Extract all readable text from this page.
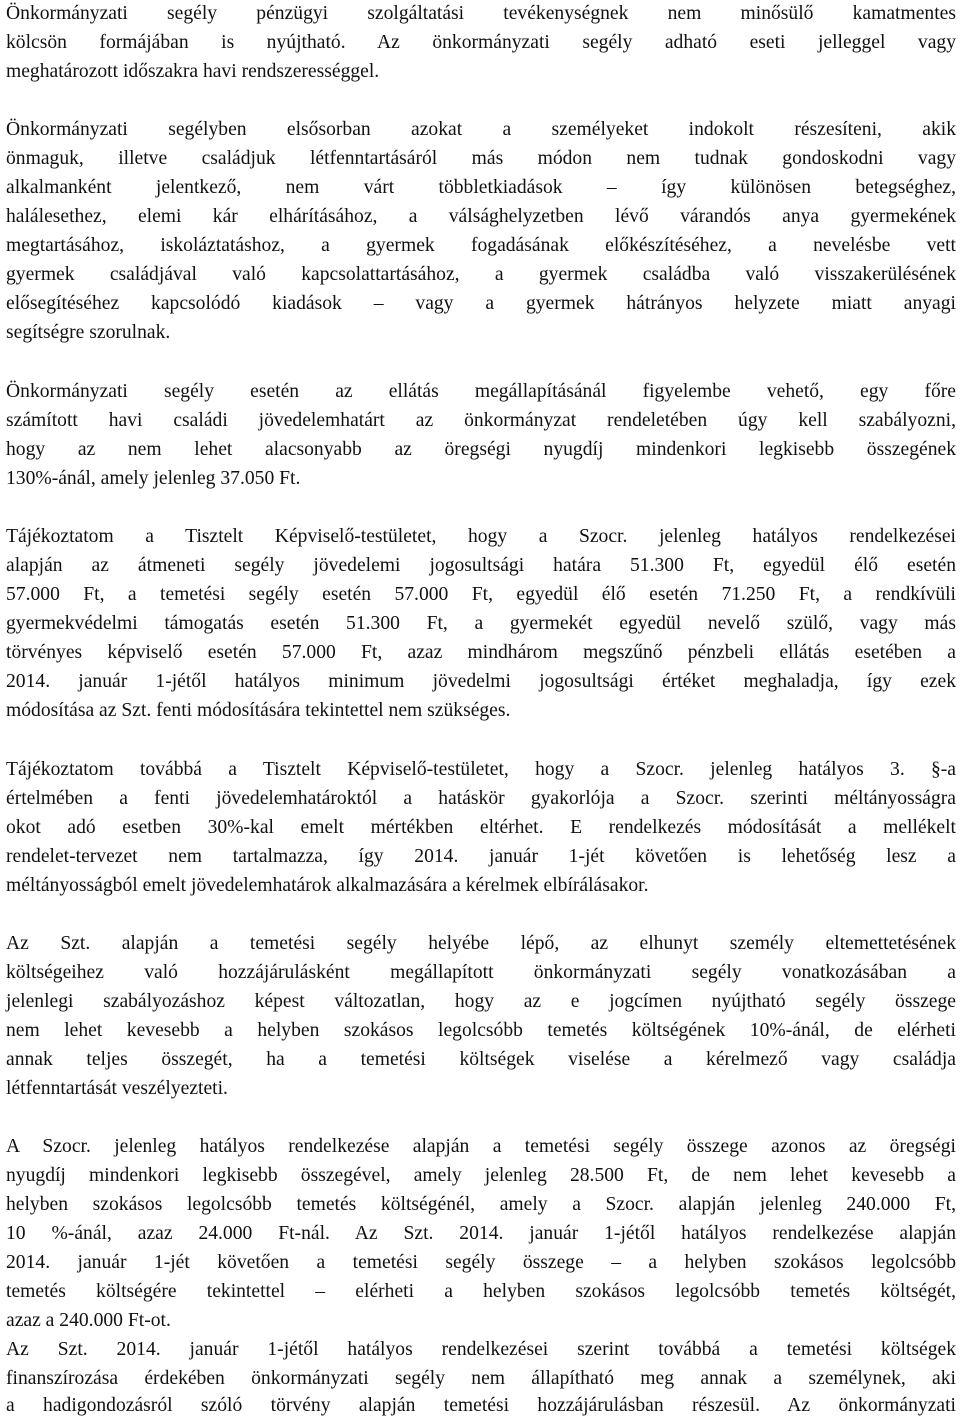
Önkormányzati segély pénzügyi szolgáltatási tevékenységnek nem minősülő kamatmentes
kölcsön formájában is nyújtható. Az önkormányzati segély adható eseti jelleggel vagy
meghatározott időszakra havi rendszerességgel.
Önkormányzati segélyben elsősorban azokat a személyeket indokolt részesíteni, akik
önmaguk, illetve családjuk létfenntartásáról más módon nem tudnak gondoskodni vagy
alkalmanként jelentkező, nem várt többletkiadások – így különösen betegséghez,
halálesethez, elemi kár elhárításához, a válsághelyzetben lévő várandós anya gyermekének
megtartásához, iskoláztatáshoz, a gyermek fogadásának előkészítéséhez, a nevelésbe vett
gyermek családjával való kapcsolattartásához, a gyermek családba való visszakerülésének
elősegítéséhez kapcsolódó kiadások – vagy a gyermek hátrányos helyzete miatt anyagi
segítségre szorulnak.
Önkormányzati segély esetén az ellátás megállapításánál figyelembe vehető, egy főre
számított havi családi jövedelemhatárt az önkormányzat rendeletében úgy kell szabályozni,
hogy az nem lehet alacsonyabb az öregségi nyugdíj mindenkori legkisebb összegének
130%-ánál, amely jelenleg 37.050 Ft.
Tájékoztatom a Tisztelt Képviselő-testületet, hogy a Szocr. jelenleg hatályos rendelkezései
alapján az átmeneti segély jövedelemi jogosultsági határa 51.300 Ft, egyedül élő esetén
57.000 Ft, a temetési segély esetén 57.000 Ft, egyedül élő esetén 71.250 Ft, a rendkívüli
gyermekvédelmi támogatás esetén 51.300 Ft, a gyermekét egyedül nevelő szülő, vagy más
törvényes képviselő esetén 57.000 Ft, azaz mindhárom megszűnő pénzbeli ellátás esetében a
2014. január 1-jétől hatályos minimum jövedelmi jogosultsági értéket meghaladja, így ezek
módosítása az Szt. fenti módosítására tekintettel nem szükséges.
Tájékoztatom továbbá a Tisztelt Képviselő-testületet, hogy a Szocr. jelenleg hatályos 3. §-a
értelmében a fenti jövedelemhatároktól a hatáskör gyakorlója a Szocr. szerinti méltányosságra
okot adó esetben 30%-kal emelt mértékben eltérhet. E rendelkezés módosítását a mellékelt
rendelet-tervezet nem tartalmazza, így 2014. január 1-jét követően is lehetőség lesz a
méltányosságból emelt jövedelemhatárok alkalmazására a kérelmek elbírálásakor.
Az Szt. alapján a temetési segély helyébe lépő, az elhunyt személy eltemettetésének
költségeihez való hozzájárulásként megállapított önkormányzati segély vonatkozásában a
jelenlegi szabályozáshoz képest változatlan, hogy az e jogcímen nyújtható segély összege
nem lehet kevesebb a helyben szokásos legolcsóbb temetés költségének 10%-ánál, de elérheti
annak teljes összegét, ha a temetési költségek viselése a kérelmező vagy családja
létfenntartását veszélyezteti.
A Szocr. jelenleg hatályos rendelkezése alapján a temetési segély összege azonos az öregségi
nyugdíj mindenkori legkisebb összegével, amely jelenleg 28.500 Ft, de nem lehet kevesebb a
helyben szokásos legolcsóbb temetés költségénél, amely a Szocr. alapján jelenleg 240.000 Ft,
10 %-ánál, azaz 24.000 Ft-nál. Az Szt. 2014. január 1-jétől hatályos rendelkezése alapján
2014. január 1-jét követően a temetési segély összege – a helyben szokásos legolcsóbb
temetés költségére tekintettel – elérheti a helyben szokásos legolcsóbb temetés költségét,
azaz a 240.000 Ft-ot.
Az Szt. 2014. január 1-jétől hatályos rendelkezései szerint továbbá a temetési költségek
finanszírozása érdekében önkormányzati segély nem állapítható meg annak a személynek, aki
a hadigondozásról szóló törvény alapján temetési hozzájárulásban részesül. Az önkormányzati
